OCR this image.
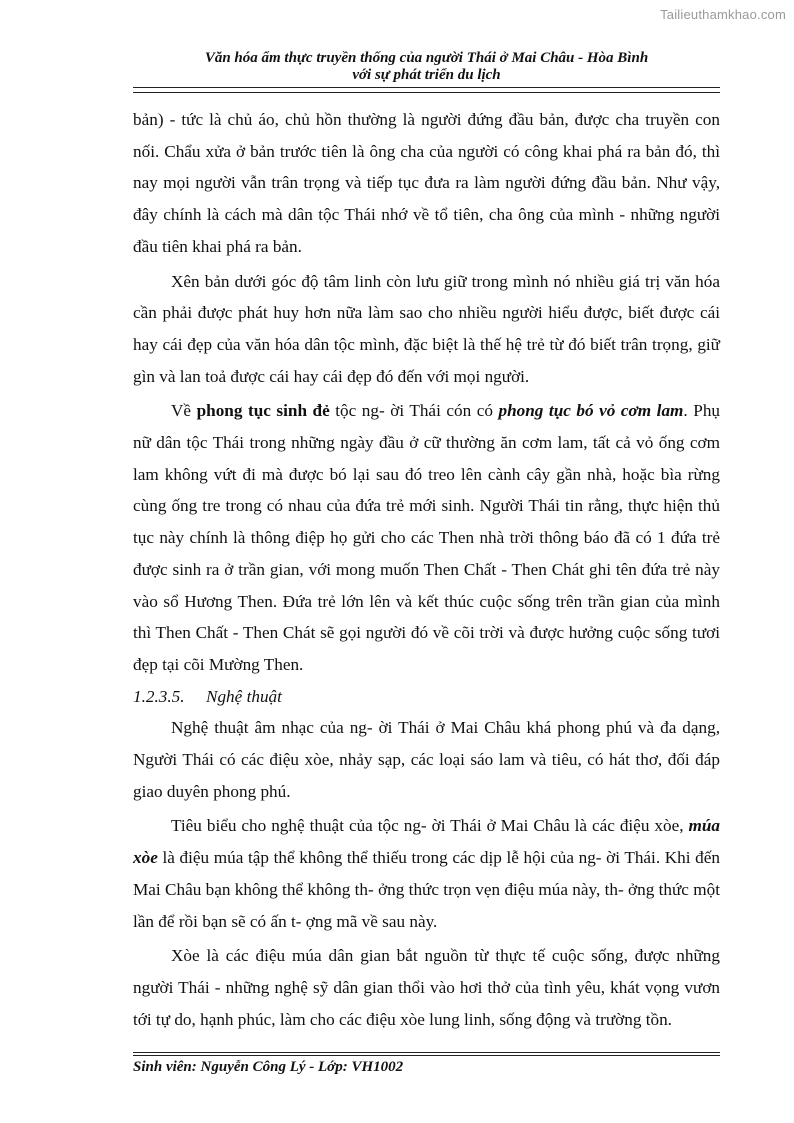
Tailieuthamkhao.com
Văn hóa ẩm thực truyền thống của người Thái ở Mai Châu - Hòa Bình
với sự phát triển du lịch

bản) - tức là chủ áo, chủ hồn thường là người đứng đầu bản, được cha truyền con nối. Chẩu xửa ở bản trước tiên là ông cha của người có công khai phá ra bản đó, thì nay mọi người vẫn trân trọng và tiếp tục đưa ra làm người đứng đầu bản. Như vậy, đây chính là cách mà dân tộc Thái nhớ về tổ tiên, cha ông của mình - những người đầu tiên khai phá ra bản.

Xên bản dưới góc độ tâm linh còn lưu giữ trong mình nó nhiều giá trị văn hóa cần phải được phát huy hơn nữa làm sao cho nhiều người hiểu được, biết được cái hay cái đẹp của văn hóa dân tộc mình, đặc biệt là thế hệ trẻ từ đó biết trân trọng, giữ gìn và lan toả được cái hay cái đẹp đó đến với mọi người.

Về phong tục sinh đẻ tộc ng- ời Thái cón có phong tục bó vỏ cơm lam. Phụ nữ dân tộc Thái trong những ngày đầu ở cữ thường ăn cơm lam, tất cả vỏ ống cơm lam không vứt đi mà được bó lại sau đó treo lên cành cây gần nhà, hoặc bìa rừng cùng ống tre trong có nhau của đứa trẻ mới sinh. Người Thái tin rằng, thực hiện thủ tục này chính là thông điệp họ gửi cho các Then nhà trời thông báo đã có 1 đứa trẻ được sinh ra ở trần gian, với mong muốn Then Chất - Then Chát ghi tên đứa trẻ này vào sổ Hương Then. Đứa trẻ lớn lên và kết thúc cuộc sống trên trần gian của mình thì Then Chất - Then Chát sẽ gọi người đó về cõi trời và được hưởng cuộc sống tươi đẹp tại cõi Mường Then.

1.2.3.5. Nghệ thuật

Nghệ thuật âm nhạc của ng- ời Thái ở Mai Châu khá phong phú và đa dạng, Người Thái có các điệu xòe, nhảy sạp, các loại sáo lam và tiêu, có hát thơ, đối đáp giao duyên phong phú.

Tiêu biểu cho nghệ thuật của tộc ng- ời Thái ở Mai Châu là các điệu xòe, múa xòe là điệu múa tập thể không thể thiếu trong các dịp lễ hội của ng- ời Thái. Khi đến Mai Châu bạn không thể không th- ởng thức trọn vẹn điệu múa này, th- ởng thức một lần để rồi bạn sẽ có ấn t- ợng mã về sau này.

Xòe là các điệu múa dân gian bắt nguồn từ thực tế cuộc sống, được những người Thái - những nghệ sỹ dân gian thổi vào hơi thở của tình yêu, khát vọng vươn tới tự do, hạnh phúc, làm cho các điệu xòe lung linh, sống động và trường tồn.

Sinh viên: Nguyễn Công Lý - Lớp: VH1002
